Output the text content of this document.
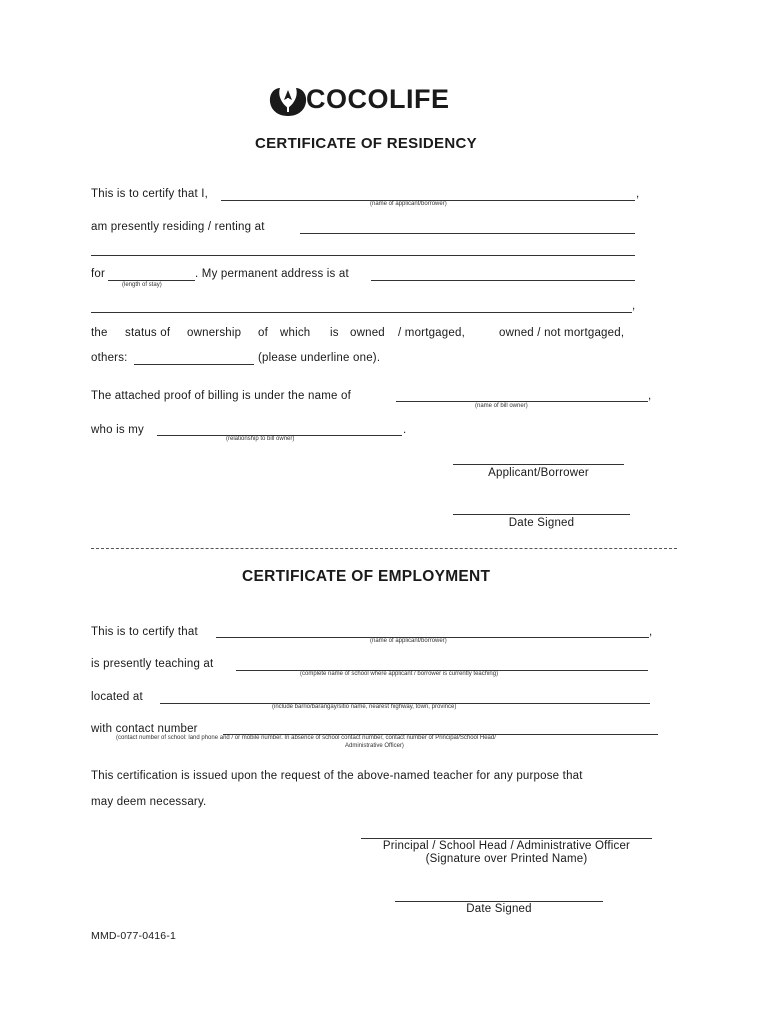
COCOLIFE
CERTIFICATE OF RESIDENCY
This is to certify that I,	,
(name of applicant/borrower)
am presently residing / renting at
for	. My permanent address is at
(length of stay)
,
the status of ownership of which is owned / mortgaged,	owned / not mortgaged,
others:	(please underline one).
The attached proof of billing is under the name of	,
(name of bill owner)
who is my	.
(relationship to bill owner)
Applicant/Borrower
Date Signed
CERTIFICATE OF EMPLOYMENT
This is to certify that	,
(name of applicant/borrower)
is presently teaching at
(complete name of school where applicant / borrower is currently teaching)
located at
(include barrio/barangay/sitio name, nearest highway, town, province)
with contact number
(contact number of school: land phone and / or mobile number. In absence of school contact number, contact number of Principal/School Head/
Administrative Officer)
This certification is issued upon the request of the above-named teacher for any purpose that
may deem necessary.
Principal / School Head / Administrative Officer
(Signature over Printed Name)
Date Signed
MMD-077-0416-1
